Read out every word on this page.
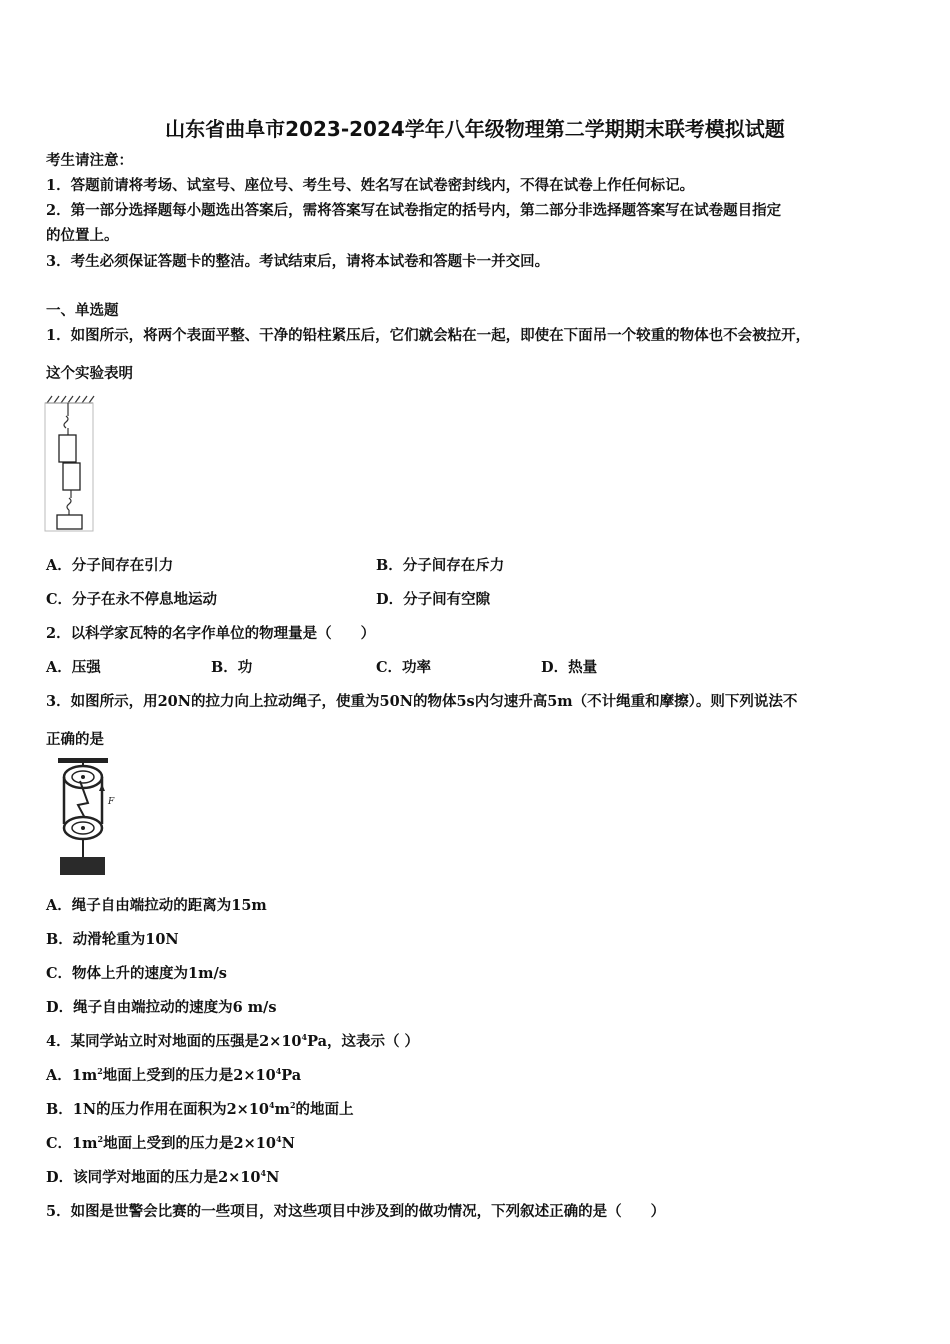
山东省曲阜市2023-2024学年八年级物理第二学期期末联考模拟试题
考生请注意：
1．答题前请将考场、试室号、座位号、考生号、姓名写在试卷密封线内，不得在试卷上作任何标记。
2．第一部分选择题每小题选出答案后，需将答案写在试卷指定的括号内，第二部分非选择题答案写在试卷题目指定
的位置上。
3．考生必须保证答题卡的整洁。考试结束后，请将本试卷和答题卡一并交回。
一、单选题
1．如图所示，将两个表面平整、干净的铅柱紧压后，它们就会粘在一起，即使在下面吊一个较重的物体也不会被拉开，
这个实验表明
A．分子间存在引力	B．分子间存在斥力
C．分子在永不停息地运动	D．分子间有空隙
2．以科学家瓦特的名字作单位的物理量是（　　）
A．压强	B．功	C．功率	D．热量
3．如图所示，用20N的拉力向上拉动绳子，使重为50N的物体5s内匀速升高5m（不计绳重和摩擦）。则下列说法不
正确的是
F
A．绳子自由端拉动的距离为15m
B．动滑轮重为10N
C．物体上升的速度为1m/s
D．绳子自由端拉动的速度为6 m/s
4．某同学站立时对地面的压强是$2\times 10^4Pa$，这表示（ ）
A．$1m^2$地面上受到的压力是$2\times 10^4Pa$
B．1N的压力作用在面积为$2\times 10^4m^2$的地面上
C．$1m^2$地面上受到的压力是$2\times 10^4N$
D．该同学对地面的压力是$2\times 10^4N$
5．如图是世警会比赛的一些项目，对这些项目中涉及到的做功情况，下列叙述正确的是（　　）
